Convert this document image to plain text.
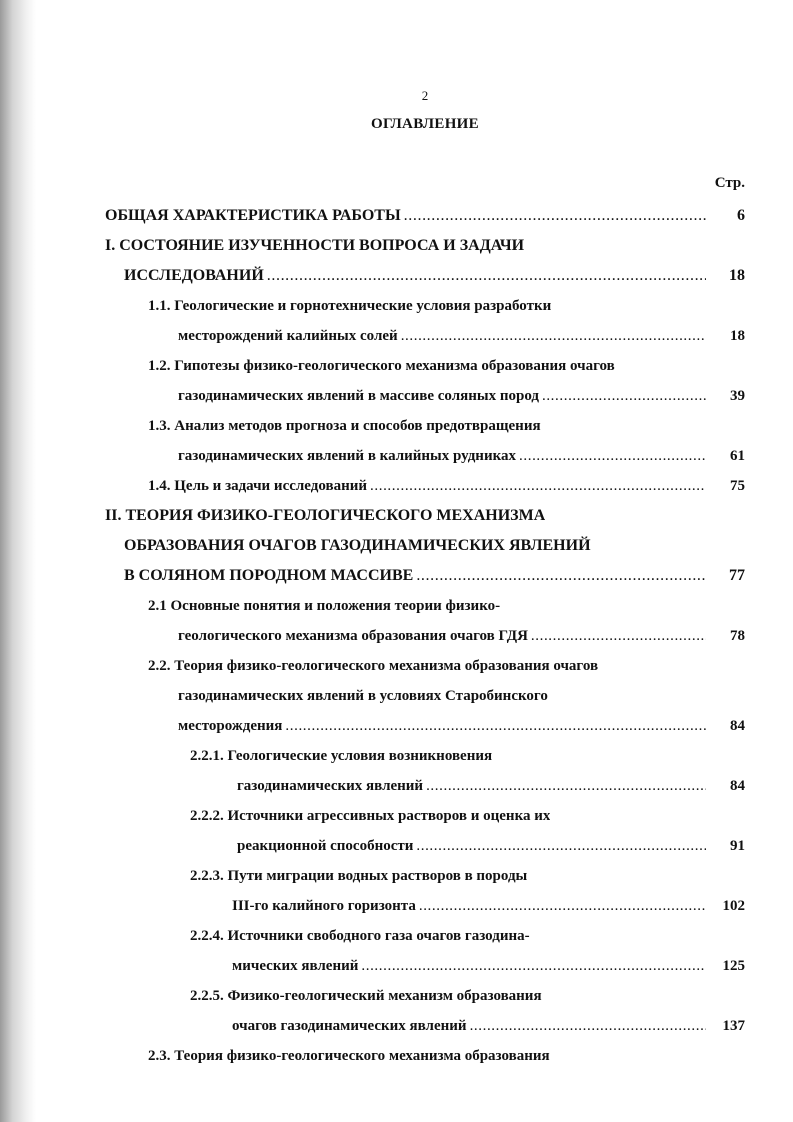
2
ОГЛАВЛЕНИЕ
Стр.
ОБЩАЯ ХАРАКТЕРИСТИКА РАБОТЫ .....	6
I. СОСТОЯНИЕ ИЗУЧЕННОСТИ ВОПРОСА И ЗАДАЧИ
ИССЛЕДОВАНИЙ .....	18
1.1. Геологические и горнотехнические условия разработки
месторождений калийных солей .....	18
1.2. Гипотезы физико-геологического механизма образования очагов
газодинамических явлений в массиве соляных пород .....	39
1.3. Анализ методов прогноза и способов предотвращения
газодинамических явлений в калийных рудниках .....	61
1.4. Цель и задачи исследований .....	75
II. ТЕОРИЯ ФИЗИКО-ГЕОЛОГИЧЕСКОГО МЕХАНИЗМА
ОБРАЗОВАНИЯ ОЧАГОВ ГАЗОДИНАМИЧЕСКИХ ЯВЛЕНИЙ
В СОЛЯНОМ ПОРОДНОМ МАССИВЕ .....	77
2.1 Основные понятия и положения теории физико-
геологического механизма образования очагов ГДЯ .....	78
2.2. Теория физико-геологического механизма образования очагов
газодинамических явлений в условиях Старобинского
месторождения .....	84
2.2.1. Геологические условия возникновения
газодинамических явлений .....	84
2.2.2. Источники агрессивных растворов и оценка их
реакционной способности .....	91
2.2.3. Пути миграции водных растворов в породы
III-го калийного горизонта .....	102
2.2.4. Источники свободного газа очагов газодина-
мических явлений .....	125
2.2.5. Физико-геологический механизм образования
очагов газодинамических явлений .....	137
2.3. Теория физико-геологического механизма образования
